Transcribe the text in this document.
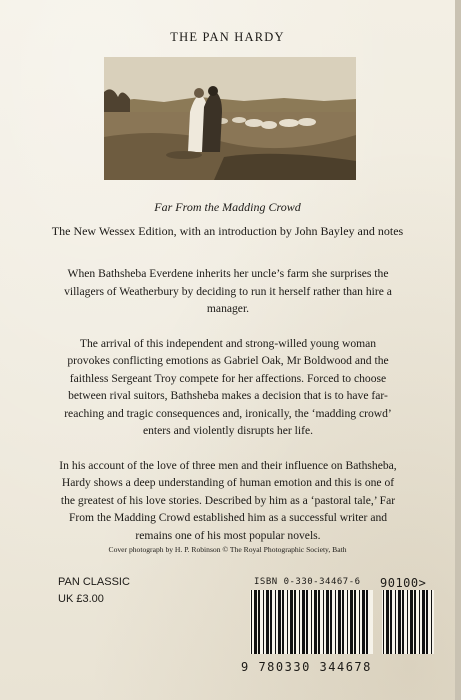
THE PAN HARDY
Far From the Madding Crowd
The New Wessex Edition, with an introduction by John Bayley and notes

When Bathsheba Everdene inherits her uncle’s farm she surprises the villagers of Weatherbury by deciding to run it herself rather than hire a manager.

The arrival of this independent and strong-willed young woman provokes conflicting emotions as Gabriel Oak, Mr Boldwood and the faithless Sergeant Troy compete for her affections. Forced to choose between rival suitors, Bathsheba makes a decision that is to have far-reaching and tragic consequences and, ironically, the ‘madding crowd’ enters and violently disrupts her life.

In his account of the love of three men and their influence on Bathsheba, Hardy shows a deep understanding of human emotion and this is one of the greatest of his love stories. Described by him as a ‘pastoral tale,’ Far From the Madding Crowd established him as a successful writer and remains one of his most popular novels.

Cover photograph by H. P. Robinson © The Royal Photographic Society, Bath
PAN CLASSIC
UK £3.00
ISBN 0-330-34467-6 90100>
9 780330 344678
